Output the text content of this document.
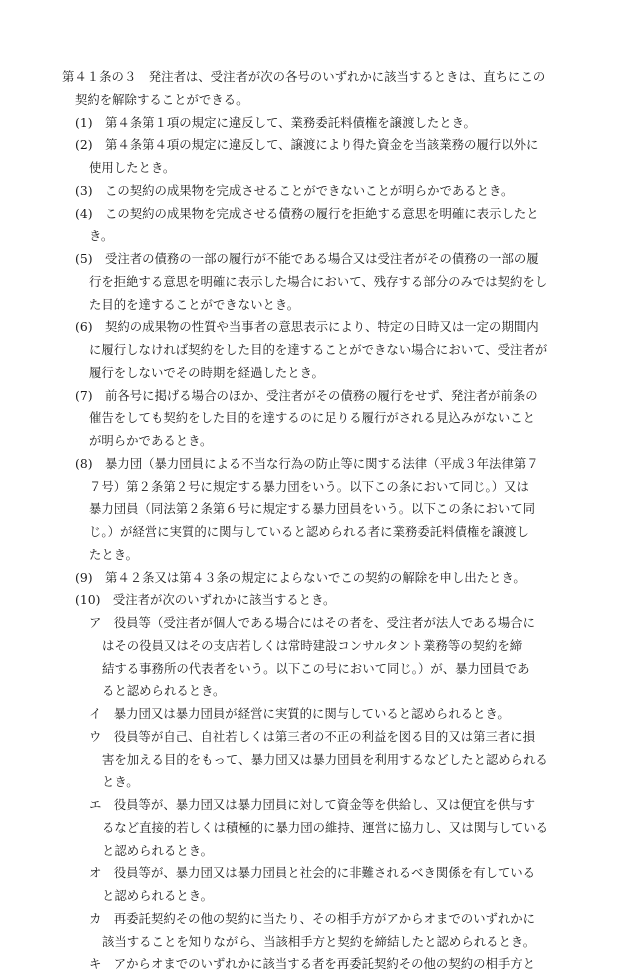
第４１条の３　発注者は、受注者が次の各号のいずれかに該当するときは、直ちにこの
契約を解除することができる。
(1)　第４条第１項の規定に違反して、業務委託料債権を譲渡したとき。
(2)　第４条第４項の規定に違反して、譲渡により得た資金を当該業務の履行以外に
使用したとき。
(3)　この契約の成果物を完成させることができないことが明らかであるとき。
(4)　この契約の成果物を完成させる債務の履行を拒絶する意思を明確に表示したと
き。
(5)　受注者の債務の一部の履行が不能である場合又は受注者がその債務の一部の履
行を拒絶する意思を明確に表示した場合において、残存する部分のみでは契約をし
た目的を達することができないとき。
(6)　契約の成果物の性質や当事者の意思表示により、特定の日時又は一定の期間内
に履行しなければ契約をした目的を達することができない場合において、受注者が
履行をしないでその時期を経過したとき。
(7)　前各号に掲げる場合のほか、受注者がその債務の履行をせず、発注者が前条の
催告をしても契約をした目的を達するのに足りる履行がされる見込みがないこと
が明らかであるとき。
(8)　暴力団（暴力団員による不当な行為の防止等に関する法律（平成３年法律第７
７号）第２条第２号に規定する暴力団をいう。以下この条において同じ。）又は
暴力団員（同法第２条第６号に規定する暴力団員をいう。以下この条において同
じ。）が経営に実質的に関与していると認められる者に業務委託料債権を譲渡し
たとき。
(9)　第４２条又は第４３条の規定によらないでこの契約の解除を申し出たとき。
(10)　受注者が次のいずれかに該当するとき。
ア　役員等（受注者が個人である場合にはその者を、受注者が法人である場合に
はその役員又はその支店若しくは常時建設コンサルタント業務等の契約を締
結する事務所の代表者をいう。以下この号において同じ。）が、暴力団員であ
ると認められるとき。
イ　暴力団又は暴力団員が経営に実質的に関与していると認められるとき。
ウ　役員等が自己、自社若しくは第三者の不正の利益を図る目的又は第三者に損
害を加える目的をもって、暴力団又は暴力団員を利用するなどしたと認められる
とき。
エ　役員等が、暴力団又は暴力団員に対して資金等を供給し、又は便宜を供与す
るなど直接的若しくは積極的に暴力団の維持、運営に協力し、又は関与している
と認められるとき。
オ　役員等が、暴力団又は暴力団員と社会的に非難されるべき関係を有している
と認められるとき。
カ　再委託契約その他の契約に当たり、その相手方がアからオまでのいずれかに
該当することを知りながら、当該相手方と契約を締結したと認められるとき。
キ　アからオまでのいずれかに該当する者を再委託契約その他の契約の相手方と
